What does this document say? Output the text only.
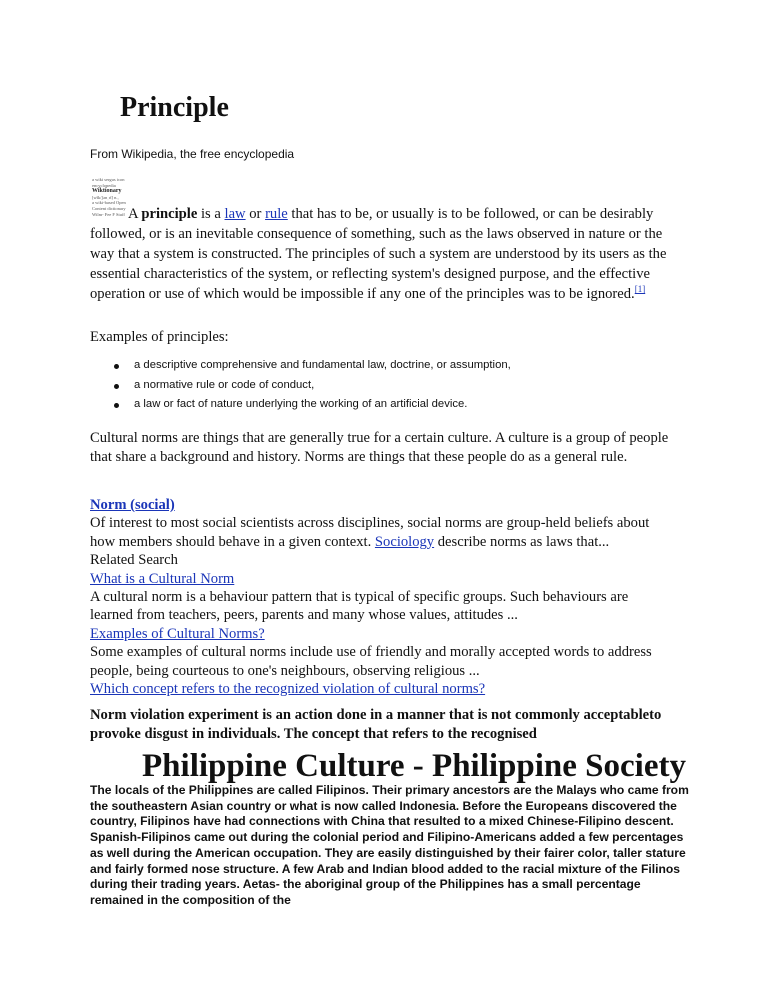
Principle
From Wikipedia, the free encyclopedia
a wiki sergus icon
encyclopedia
Wiktionary
[wĭk/ʃənˌrī] n.,
a wiki-based Open
Content dictionary
Wilm- Fee F Stuff A principle is a law or rule that has to be, or usually is to be followed, or can be desirably followed, or is an inevitable consequence of something, such as the laws observed in nature or the way that a system is constructed. The principles of such a system are understood by its users as the essential characteristics of the system, or reflecting system's designed purpose, and the effective operation or use of which would be impossible if any one of the principles was to be ignored.[1]
Examples of principles:
a descriptive comprehensive and fundamental law, doctrine, or assumption,
a normative rule or code of conduct,
a law or fact of nature underlying the working of an artificial device.
Cultural norms are things that are generally true for a certain culture. A culture is a group of people that share a background and history. Norms are things that these people do as a general rule.
Norm (social)
Of interest to most social scientists across disciplines, social norms are group-held beliefs about
how members should behave in a given context. Sociology describe norms as laws that...
Related Search
What is a Cultural Norm
A cultural norm is a behaviour pattern that is typical of specific groups. Such behaviours are
learned from teachers, peers, parents and many whose values, attitudes ...
Examples of Cultural Norms?
Some examples of cultural norms include use of friendly and morally accepted words to address
people, being courteous to one's neighbours, observing religious ...
Which concept refers to the recognized violation of cultural norms?
Norm violation experiment is an action done in a manner that is not commonly acceptableto provoke disgust in individuals. The concept that refers to the recognised
Philippine Culture - Philippine Society
The locals of the Philippines are called Filipinos. Their primary ancestors are the Malays who came from the southeastern Asian country or what is now called Indonesia. Before the Europeans discovered the country, Filipinos have had connections with China that resulted to a mixed Chinese-Filipino descent. Spanish-Filipinos came out during the colonial period and Filipino-Americans added a few percentages as well during the American occupation. They are easily distinguished by their fairer color, taller stature and fairly formed nose structure. A few Arab and Indian blood added to the racial mixture of the Filinos during their trading years. Aetas- the aboriginal group of the Philippines has a small percentage remained in the composition of the
